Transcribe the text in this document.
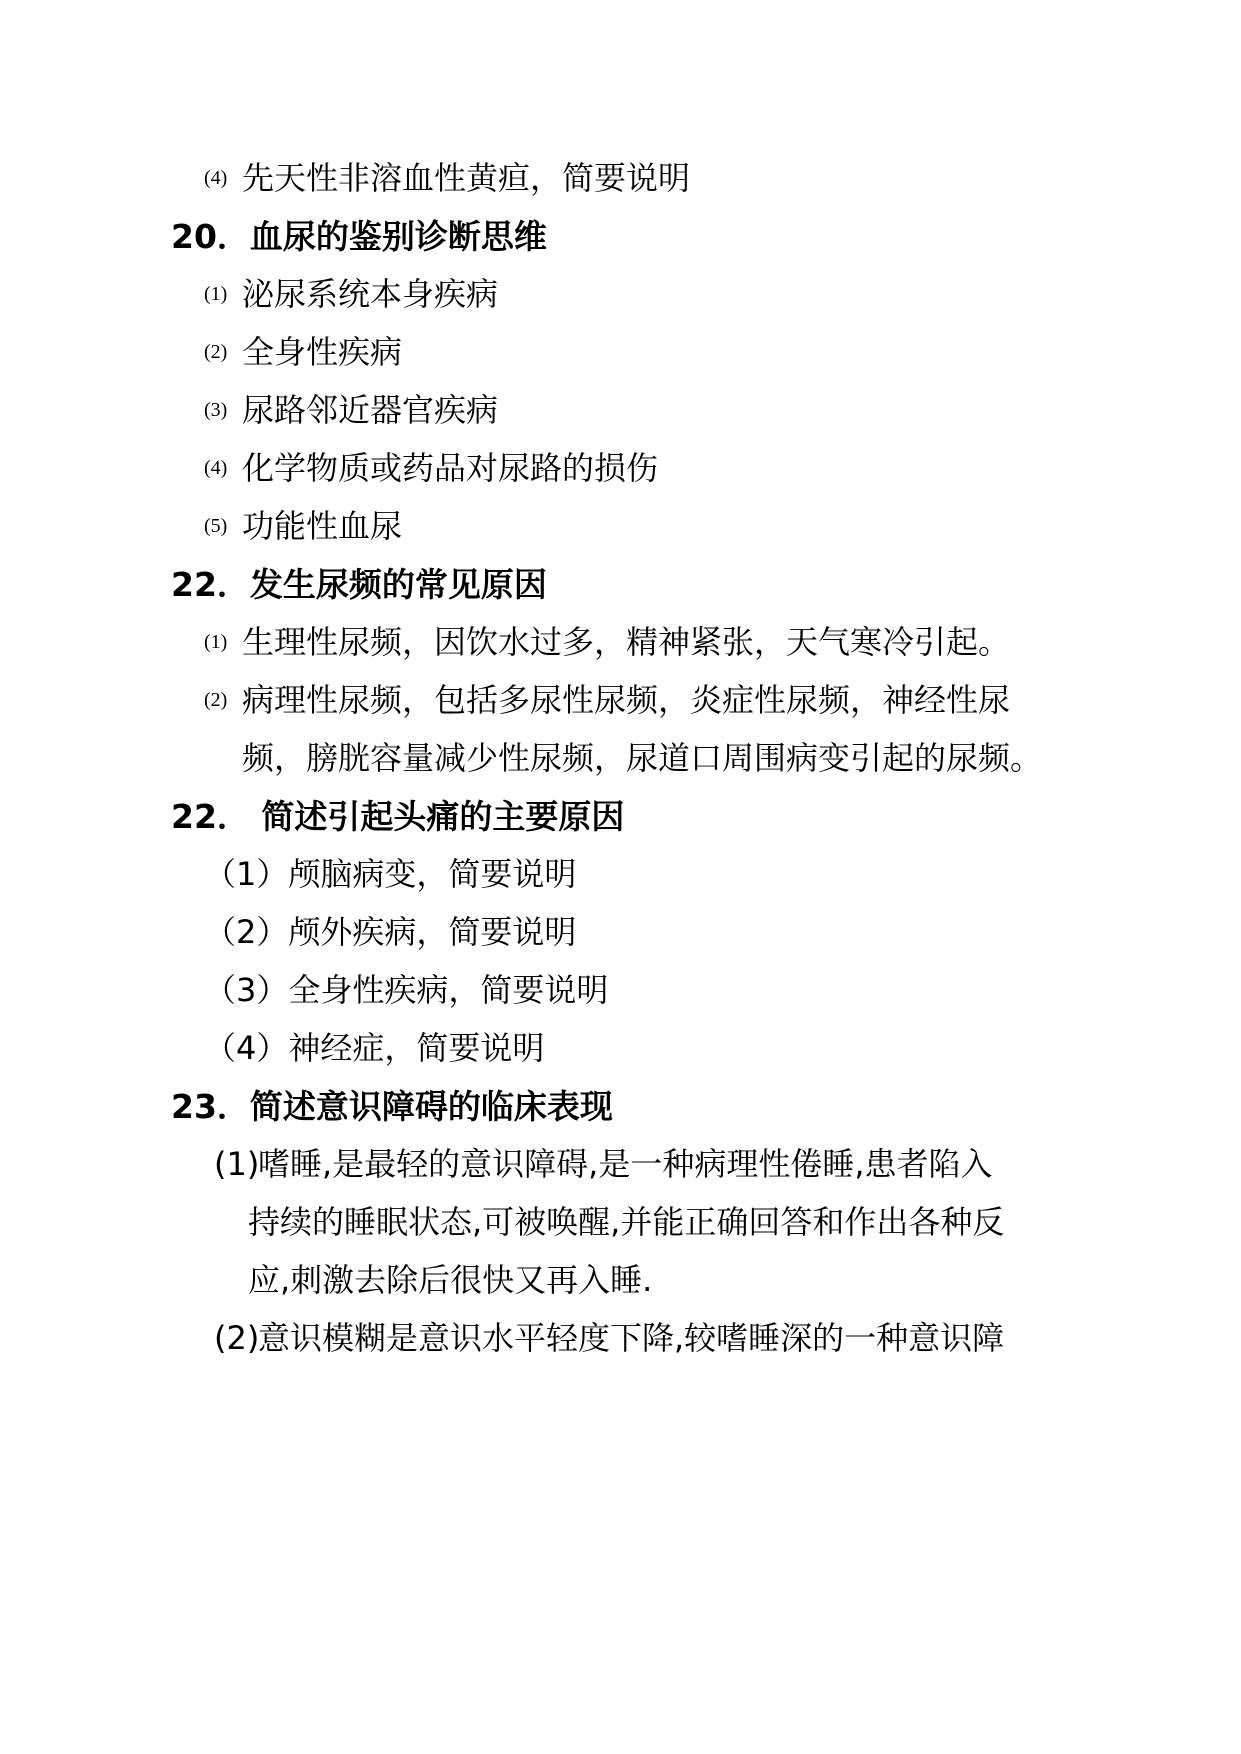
(4) 先天性非溶血性黄疸，简要说明
20．血尿的鉴别诊断思维
(1) 泌尿系统本身疾病
(2) 全身性疾病
(3) 尿路邻近器官疾病
(4) 化学物质或药品对尿路的损伤
(5) 功能性血尿
22．发生尿频的常见原因
(1) 生理性尿频，因饮水过多，精神紧张，天气寒冷引起。
(2) 病理性尿频，包括多尿性尿频，炎症性尿频，神经性尿
频，膀胱容量减少性尿频，尿道口周围病变引起的尿频。
22． 简述引起头痛的主要原因
（1）颅脑病变，简要说明
（2）颅外疾病，简要说明
（3）全身性疾病，简要说明
（4）神经症，简要说明
23．简述意识障碍的临床表现
(1)嗜睡,是最轻的意识障碍,是一种病理性倦睡,患者陷入
持续的睡眠状态,可被唤醒,并能正确回答和作出各种反
应,刺激去除后很快又再入睡.
(2)意识模糊是意识水平轻度下降,较嗜睡深的一种意识障
